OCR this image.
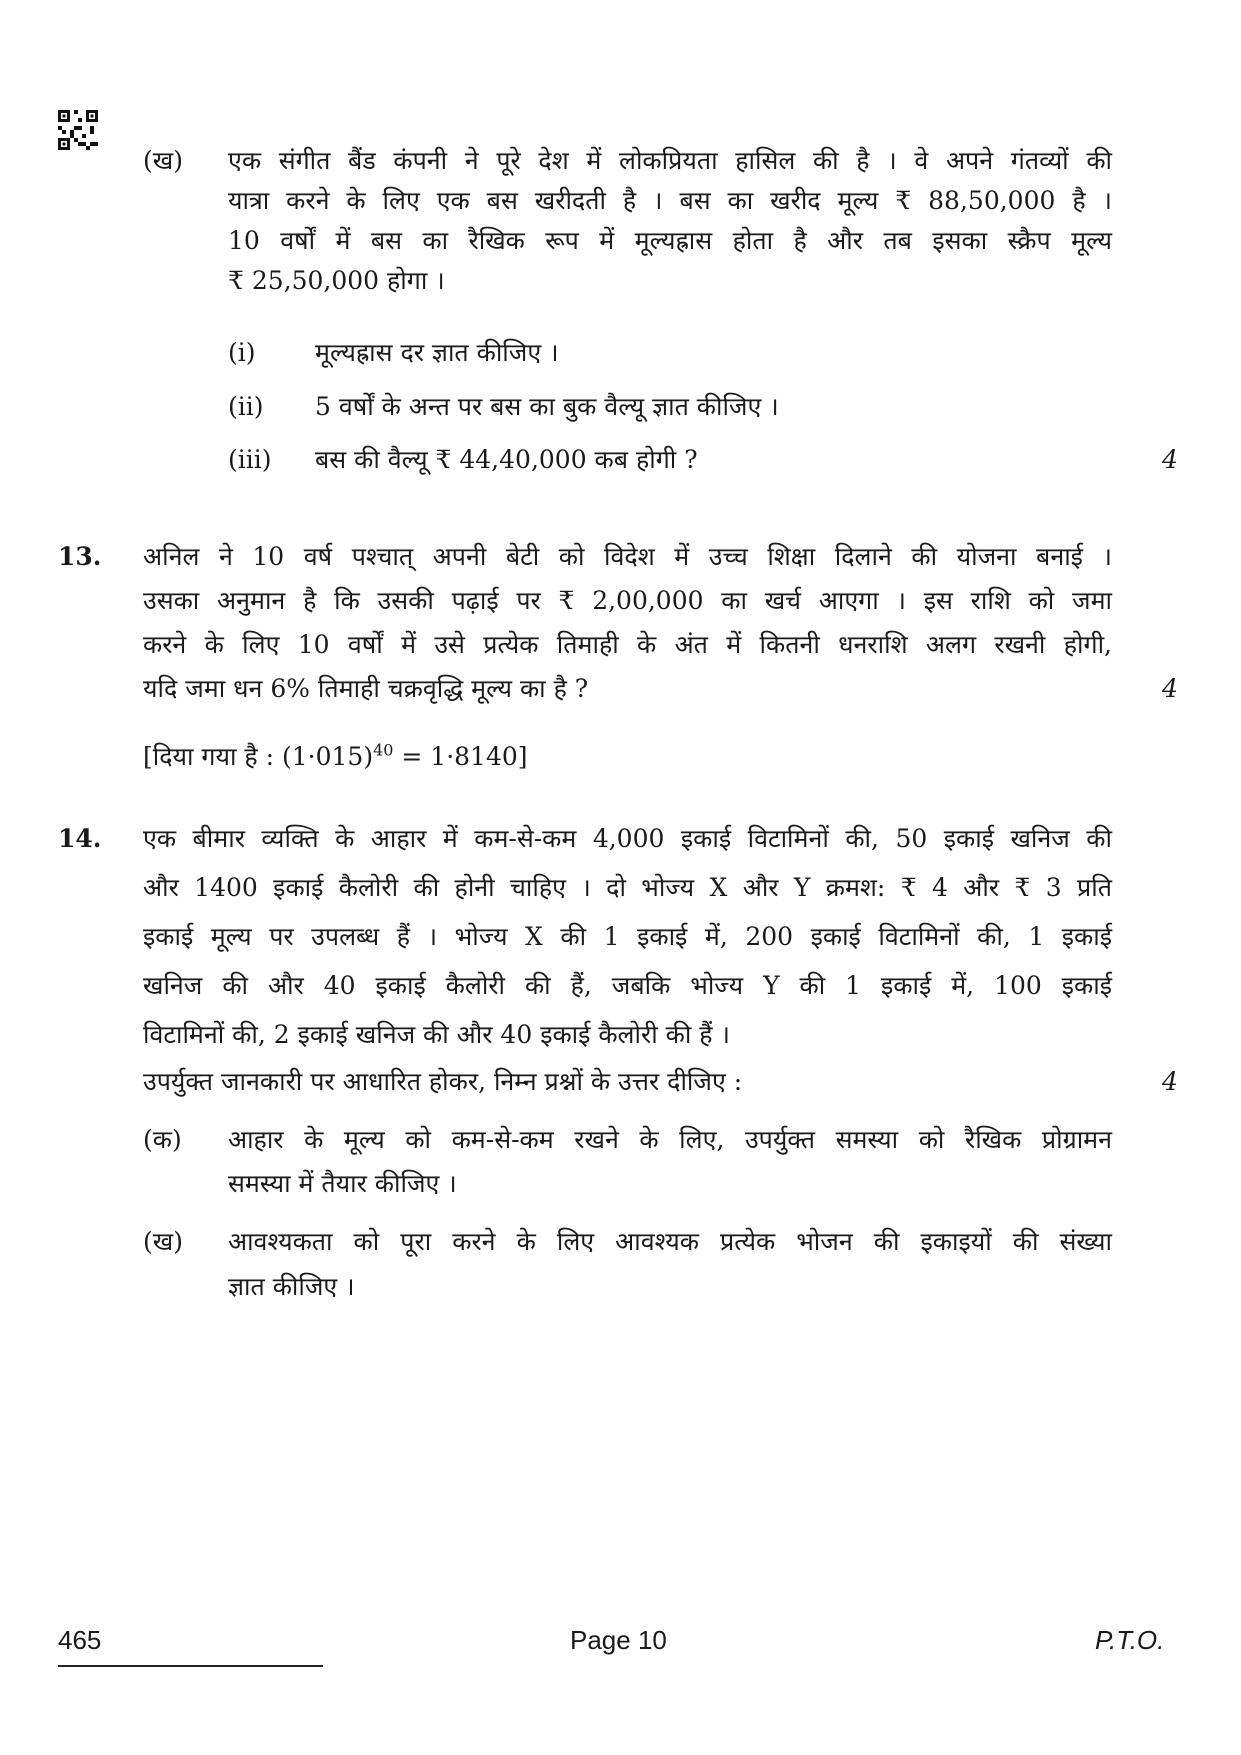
(ख) एक संगीत बैंड कंपनी ने पूरे देश में लोकप्रियता हासिल की है । वे अपने गंतव्यों की
यात्रा करने के लिए एक बस खरीदती है । बस का खरीद मूल्य ₹ 88,50,000 है ।
10 वर्षों में बस का रैखिक रूप में मूल्यह्रास होता है और तब इसका स्क्रैप मूल्य
₹ 25,50,000 होगा ।
(i) मूल्यह्रास दर ज्ञात कीजिए ।
(ii) 5 वर्षों के अन्त पर बस का बुक वैल्यू ज्ञात कीजिए ।
(iii) बस की वैल्यू ₹ 44,40,000 कब होगी ?	4
13. अनिल ने 10 वर्ष पश्चात् अपनी बेटी को विदेश में उच्च शिक्षा दिलाने की योजना बनाई ।
उसका अनुमान है कि उसकी पढ़ाई पर ₹ 2,00,000 का खर्च आएगा । इस राशि को जमा
करने के लिए 10 वर्षों में उसे प्रत्येक तिमाही के अंत में कितनी धनराशि अलग रखनी होगी,
यदि जमा धन 6% तिमाही चक्रवृद्धि मूल्य का है ?	4
[दिया गया है : $(1\cdot 015)^{40} = 1\cdot 8140$]
14. एक बीमार व्यक्ति के आहार में कम-से-कम 4,000 इकाई विटामिनों की, 50 इकाई खनिज की
और 1400 इकाई कैलोरी की होनी चाहिए । दो भोज्य X और Y क्रमश: ₹ 4 और ₹ 3 प्रति
इकाई मूल्य पर उपलब्ध हैं । भोज्य X की 1 इकाई में, 200 इकाई विटामिनों की, 1 इकाई
खनिज की और 40 इकाई कैलोरी की हैं, जबकि भोज्य Y की 1 इकाई में, 100 इकाई
विटामिनों की, 2 इकाई खनिज की और 40 इकाई कैलोरी की हैं ।
उपर्युक्त जानकारी पर आधारित होकर, निम्न प्रश्नों के उत्तर दीजिए :	4
(क) आहार के मूल्य को कम-से-कम रखने के लिए, उपर्युक्त समस्या को रैखिक प्रोग्रामन
समस्या में तैयार कीजिए ।
(ख) आवश्यकता को पूरा करने के लिए आवश्यक प्रत्येक भोजन की इकाइयों की संख्या
ज्ञात कीजिए ।
465	Page 10	P.T.O.
